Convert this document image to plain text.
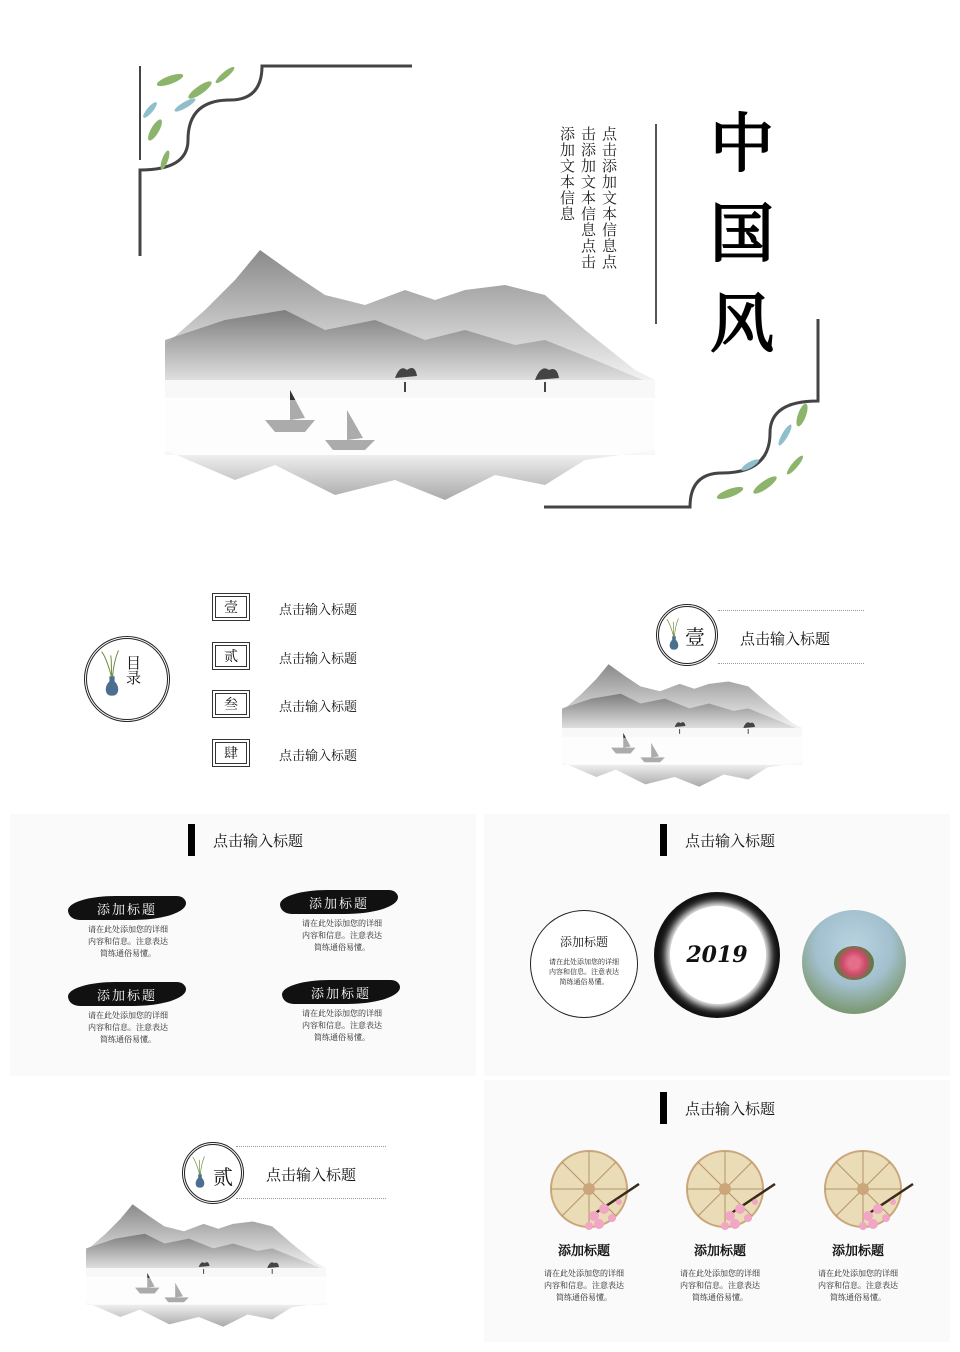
点击添加文本信息点
击添加文本信息点击
添加文本信息 中
国
风
目录
壹	点击输入标题
贰	点击输入标题
叁	点击输入标题
肆	点击输入标题
壹 点击输入标题
点击输入标题
添加标题
请在此处添加您的详细
内容和信息。注意表达
简练通俗易懂。
添加标题
请在此处添加您的详细
内容和信息。注意表达
简练通俗易懂。
添加标题
请在此处添加您的详细
内容和信息。注意表达
简练通俗易懂。
添加标题
请在此处添加您的详细
内容和信息。注意表达
简练通俗易懂。
点击输入标题
添加标题
请在此处添加您的详细
内容和信息。注意表达
简练通俗易懂。
2019
贰 点击输入标题
点击输入标题
添加标题
请在此处添加您的详细
内容和信息。注意表达
简练通俗易懂。
添加标题
请在此处添加您的详细
内容和信息。注意表达
简练通俗易懂。
添加标题
请在此处添加您的详细
内容和信息。注意表达
简练通俗易懂。
